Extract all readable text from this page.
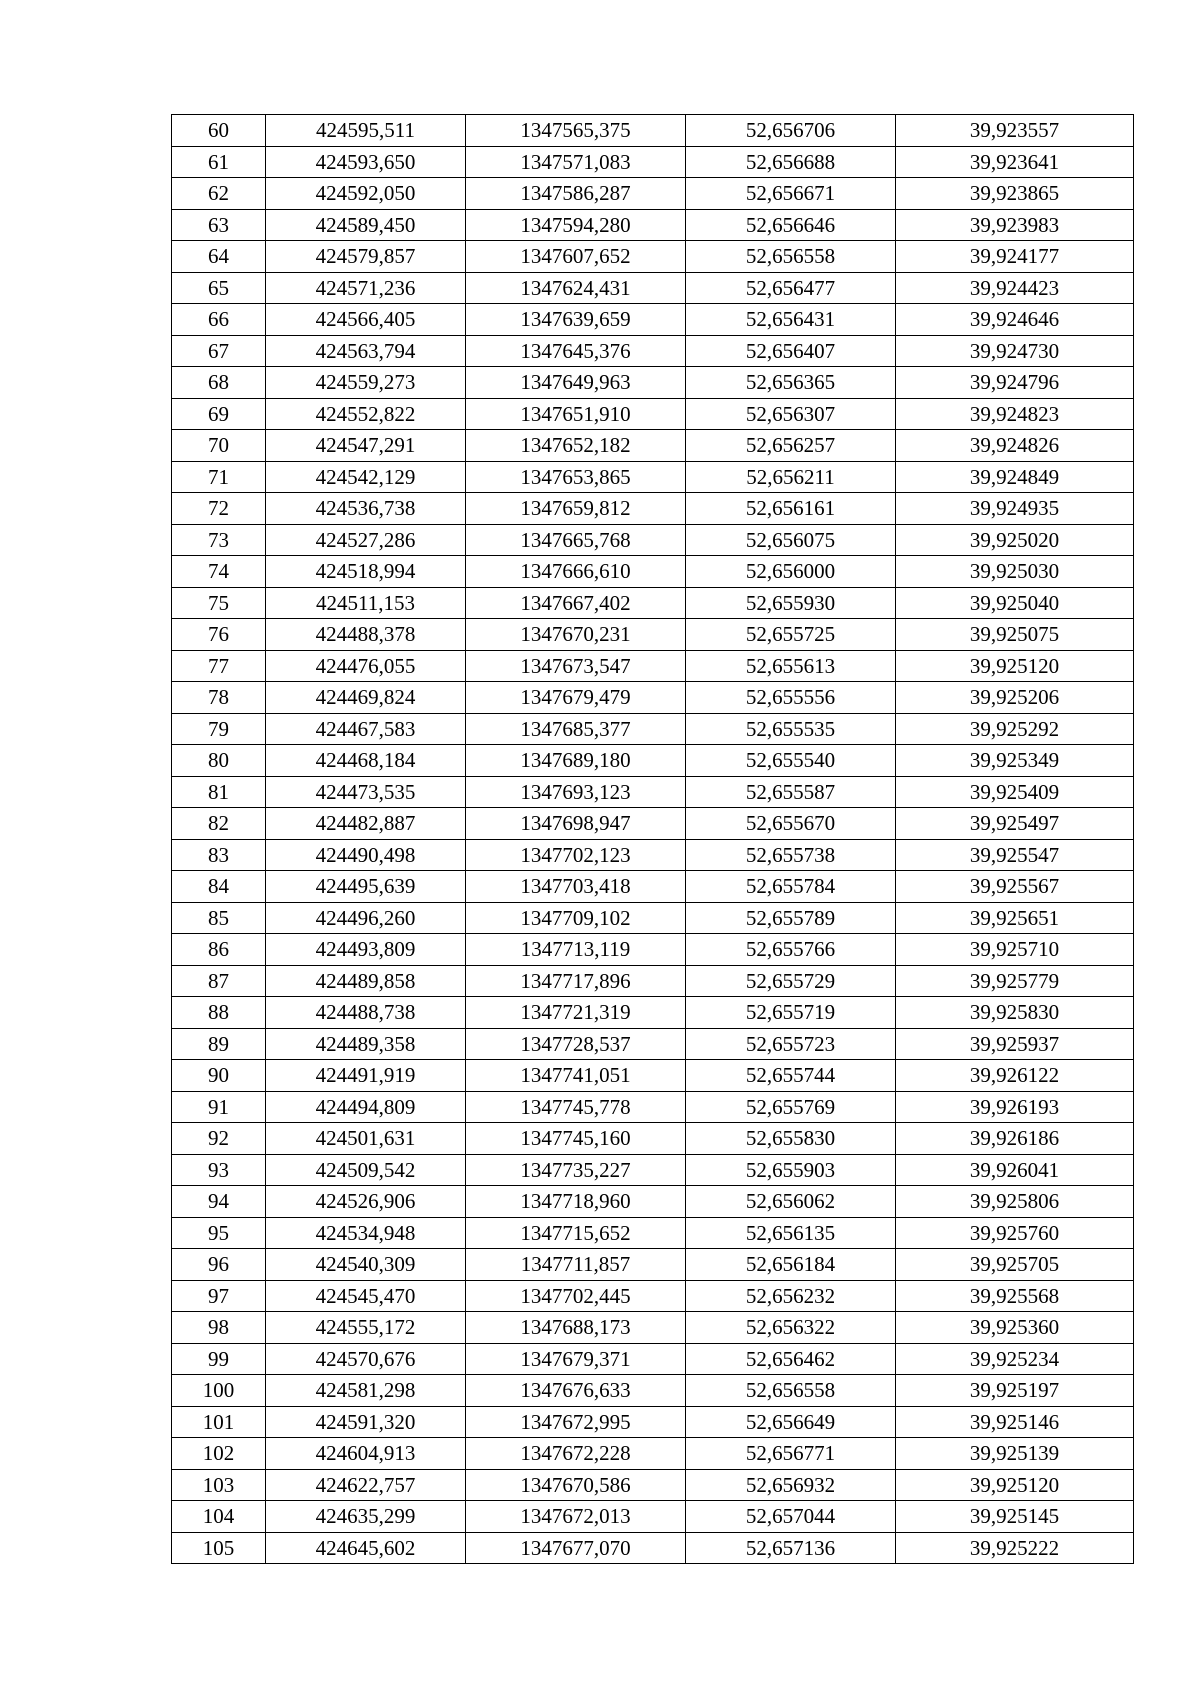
60	424595,511	1347565,375	52,656706	39,923557
61	424593,650	1347571,083	52,656688	39,923641
62	424592,050	1347586,287	52,656671	39,923865
63	424589,450	1347594,280	52,656646	39,923983
64	424579,857	1347607,652	52,656558	39,924177
65	424571,236	1347624,431	52,656477	39,924423
66	424566,405	1347639,659	52,656431	39,924646
67	424563,794	1347645,376	52,656407	39,924730
68	424559,273	1347649,963	52,656365	39,924796
69	424552,822	1347651,910	52,656307	39,924823
70	424547,291	1347652,182	52,656257	39,924826
71	424542,129	1347653,865	52,656211	39,924849
72	424536,738	1347659,812	52,656161	39,924935
73	424527,286	1347665,768	52,656075	39,925020
74	424518,994	1347666,610	52,656000	39,925030
75	424511,153	1347667,402	52,655930	39,925040
76	424488,378	1347670,231	52,655725	39,925075
77	424476,055	1347673,547	52,655613	39,925120
78	424469,824	1347679,479	52,655556	39,925206
79	424467,583	1347685,377	52,655535	39,925292
80	424468,184	1347689,180	52,655540	39,925349
81	424473,535	1347693,123	52,655587	39,925409
82	424482,887	1347698,947	52,655670	39,925497
83	424490,498	1347702,123	52,655738	39,925547
84	424495,639	1347703,418	52,655784	39,925567
85	424496,260	1347709,102	52,655789	39,925651
86	424493,809	1347713,119	52,655766	39,925710
87	424489,858	1347717,896	52,655729	39,925779
88	424488,738	1347721,319	52,655719	39,925830
89	424489,358	1347728,537	52,655723	39,925937
90	424491,919	1347741,051	52,655744	39,926122
91	424494,809	1347745,778	52,655769	39,926193
92	424501,631	1347745,160	52,655830	39,926186
93	424509,542	1347735,227	52,655903	39,926041
94	424526,906	1347718,960	52,656062	39,925806
95	424534,948	1347715,652	52,656135	39,925760
96	424540,309	1347711,857	52,656184	39,925705
97	424545,470	1347702,445	52,656232	39,925568
98	424555,172	1347688,173	52,656322	39,925360
99	424570,676	1347679,371	52,656462	39,925234
100	424581,298	1347676,633	52,656558	39,925197
101	424591,320	1347672,995	52,656649	39,925146
102	424604,913	1347672,228	52,656771	39,925139
103	424622,757	1347670,586	52,656932	39,925120
104	424635,299	1347672,013	52,657044	39,925145
105	424645,602	1347677,070	52,657136	39,925222
